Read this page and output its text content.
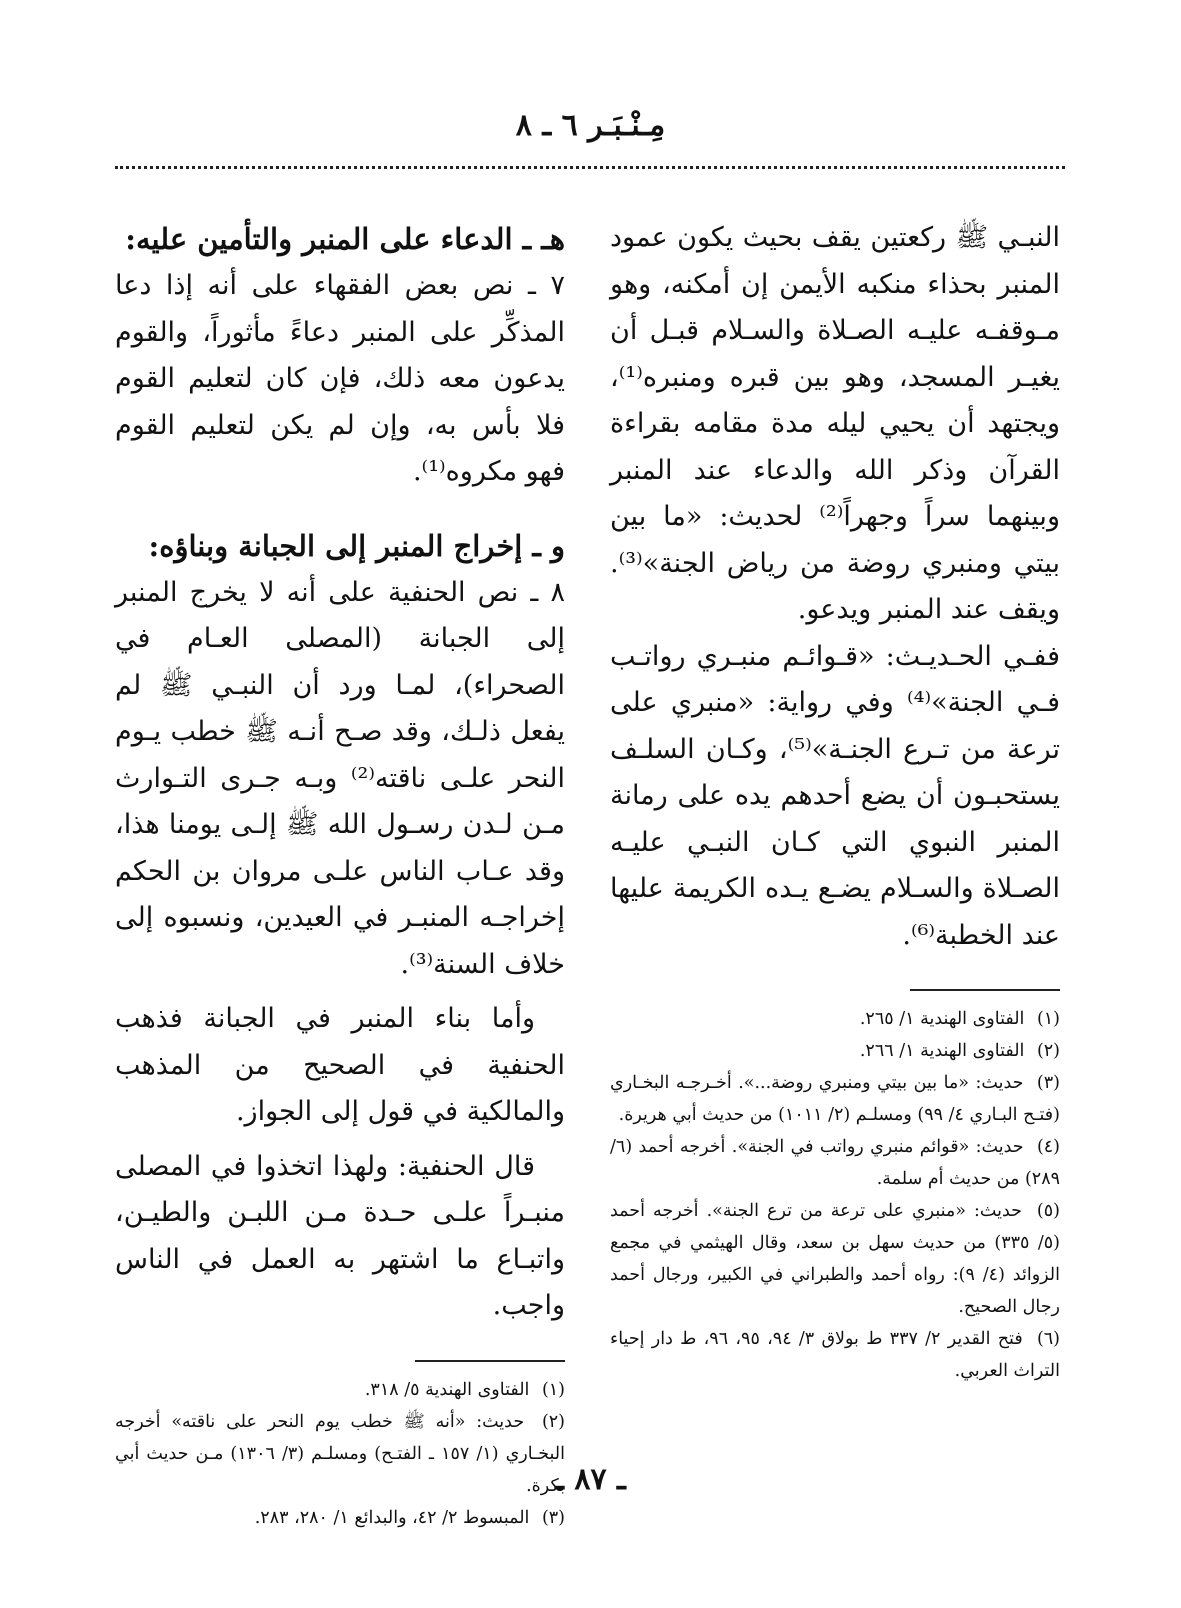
مِـنْـبَـر ٦ ـ ٨

النبـي ﷺ ركعتين يقف بحيث يكون عمود المنبر بحذاء منكبه الأيمن إن أمكنه، وهو مـوقفـه عليـه الصـلاة والسـلام قبـل أن يغيـر المسجد، وهو بين قبره ومنبره⁽¹⁾، ويجتهد أن يحيي ليله مدة مقامه بقراءة القرآن وذكر الله والدعاء عند المنبر وبينهما سراً وجهراً⁽²⁾ لحديث: «ما بين بيتي ومنبري روضة من رياض الجنة»⁽³⁾. ويقف عند المنبر ويدعو.

ففـي الحـديـث: «قـوائـم منبـري رواتـب فـي الجنة»⁽⁴⁾ وفي رواية: «منبري على ترعة من تـرع الجنـة»⁽⁵⁾، وكـان السلـف يستحبـون أن يضع أحدهم يده على رمانة المنبر النبوي التي كـان النبـي عليـه الصـلاة والسـلام يضـع يـده الكريمة عليها عند الخطبة⁽⁶⁾.

(١) الفتاوى الهندية ١/ ٢٦٥.
(٢) الفتاوى الهندية ١/ ٢٦٦.
(٣) حديث: «ما بين بيتي ومنبري روضة...». أخـرجـه البخـاري (فتـح البـاري ٤/ ٩٩) ومسلـم (٢/ ١٠١١) من حديث أبي هريرة.
(٤) حديث: «قوائم منبري رواتب في الجنة». أخرجه أحمد (٦/ ٢٨٩) من حديث أم سلمة.
(٥) حديث: «منبري على ترعة من ترع الجنة». أخرجه أحمد (٥/ ٣٣٥) من حديث سهل بن سعد، وقال الهيثمي في مجمع الزوائد (٤/ ٩): رواه أحمد والطبراني في الكبير، ورجال أحمد رجال الصحيح.
(٦) فتح القدير ٢/ ٣٣٧ ط بولاق ٣/ ٩٤، ٩٥، ٩٦، ط دار إحياء التراث العربي.

هـ ـ الدعاء على المنبر والتأمين عليه:

٧ ـ نص بعض الفقهاء على أنه إذا دعا المذكِّر على المنبر دعاءً مأثوراً، والقوم يدعون معه ذلك، فإن كان لتعليم القوم فلا بأس به، وإن لم يكن لتعليم القوم فهو مكروه⁽¹⁾.

و ـ إخراج المنبر إلى الجبانة وبناؤه:

٨ ـ نص الحنفية على أنه لا يخرج المنبر إلى الجبانة (المصلى العـام في الصحراء)، لمـا ورد أن النبـي ﷺ لم يفعل ذلـك، وقد صـح أنـه ﷺ خطب يـوم النحر علـى ناقته⁽²⁾ وبـه جـرى التـوارث مـن لـدن رسـول الله ﷺ إلـى يومنا هذا، وقد عـاب الناس علـى مروان بن الحكم إخراجـه المنبـر في العيدين، ونسبوه إلى خلاف السنة⁽³⁾.

وأما بناء المنبر في الجبانة فذهب الحنفية في الصحيح من المذهب والمالكية في قول إلى الجواز.

قال الحنفية: ولهذا اتخذوا في المصلى منبـراً علـى حـدة مـن اللبـن والطيـن، واتبـاع ما اشتهر به العمل في الناس واجب.

(١) الفتاوى الهندية ٥/ ٣١٨.
(٢) حديث: «أنه ﷺ خطب يوم النحر على ناقته» أخرجه البخـاري (١/ ١٥٧ ـ الفتـح) ومسلـم (٣/ ١٣٠٦) مـن حديث أبي بكرة.
(٣) المبسوط ٢/ ٤٢، والبدائع ١/ ٢٨٠، ٢٨٣.
ـ ٨٧ ـ
